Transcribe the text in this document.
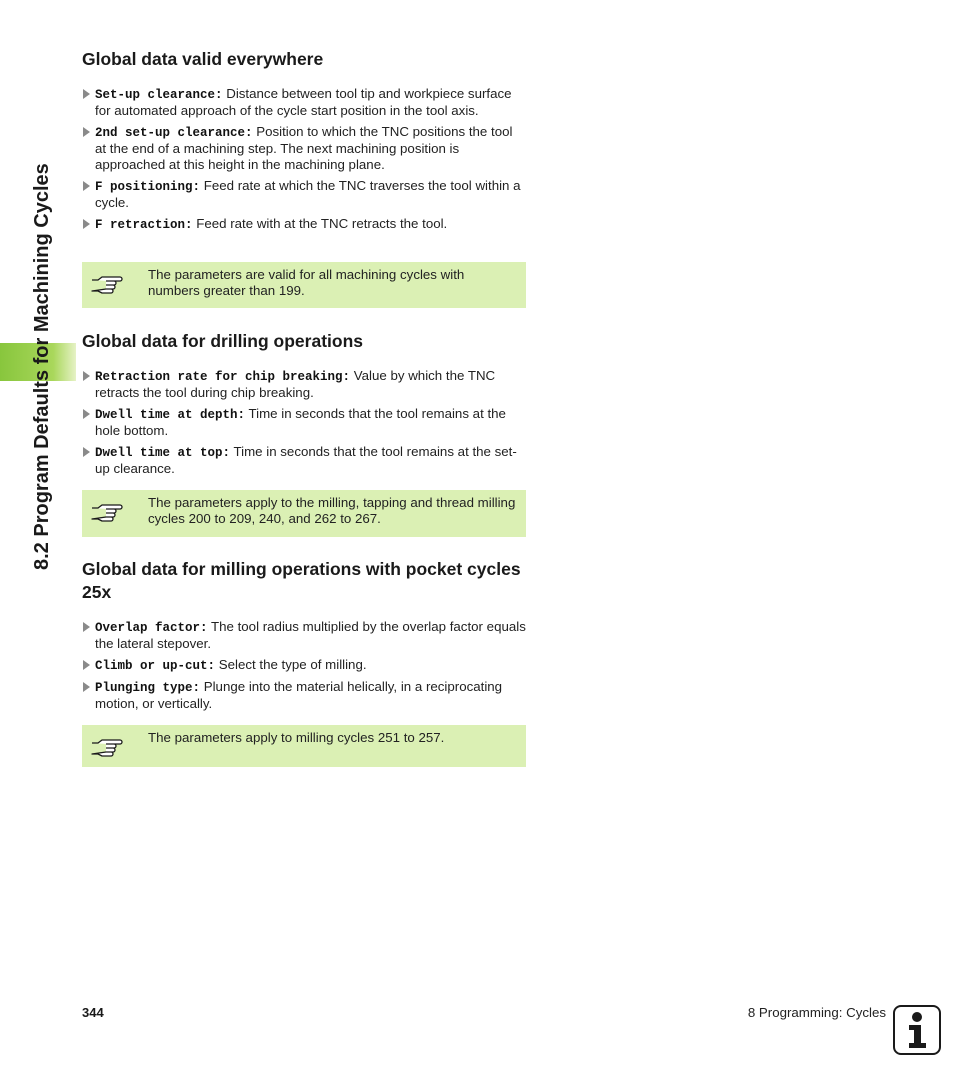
8.2 Program Defaults for Machining Cycles
Global data valid everywhere
Set-up clearance: Distance between tool tip and workpiece surface for automated approach of the cycle start position in the tool axis.
2nd set-up clearance: Position to which the TNC positions the tool at the end of a machining step. The next machining position is approached at this height in the machining plane.
F positioning: Feed rate at which the TNC traverses the tool within a cycle.
F retraction: Feed rate with at the TNC retracts the tool.
The parameters are valid for all machining cycles with numbers greater than 199.
Global data for drilling operations
Retraction rate for chip breaking: Value by which the TNC retracts the tool during chip breaking.
Dwell time at depth: Time in seconds that the tool remains at the hole bottom.
Dwell time at top: Time in seconds that the tool remains at the set-up clearance.
The parameters apply to the milling, tapping and thread milling cycles 200 to 209, 240, and 262 to 267.
Global data for milling operations with pocket cycles 25x
Overlap factor: The tool radius multiplied by the overlap factor equals the lateral stepover.
Climb or up-cut: Select the type of milling.
Plunging type: Plunge into the material helically, in a reciprocating motion, or vertically.
The parameters apply to milling cycles 251 to 257.
344	8 Programming: Cycles
